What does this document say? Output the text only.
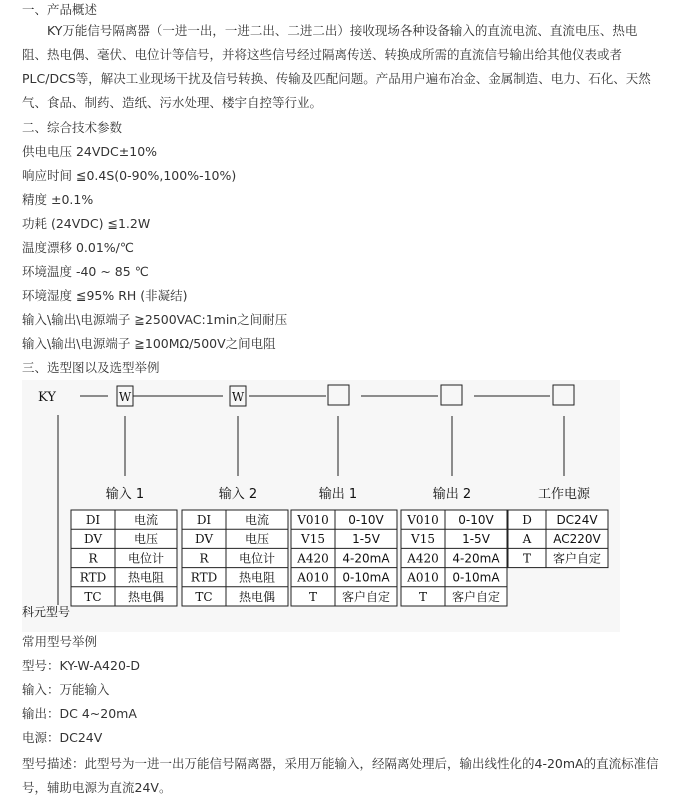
一、产品概述
KY万能信号隔离器（一进一出，一进二出、二进二出）接收现场各种设备输入的直流电流、直流电压、热电阻、热电偶、毫伏、电位计等信号，并将这些信号经过隔离传送、转换成所需的直流信号输出给其他仪表或者PLC/DCS等，解决工业现场干扰及信号转换、传输及匹配问题。产品用户遍布冶金、金属制造、电力、石化、天然气、食品、制药、造纸、污水处理、楼宇自控等行业。
二、综合技术参数
供电电压 24VDC±10%
响应时间 ≦0.4S(0-90%,100%-10%)
精度 ±0.1%
功耗 (24VDC) ≦1.2W
温度漂移 0.01%/℃
环境温度 -40 ~ 85 ℃
环境湿度 ≦95% RH (非凝结)
输入\输出\电源端子 ≧2500VAC:1min之间耐压
输入\输出\电源端子 ≧100MΩ/500V之间电阻
三、选型图以及选型举例
KY	W	W
科元型号
输入 1
DI	电流
DV	电压
R	电位计
RTD 热电阻
TC 热电偶
输入 2
DI	电流
DV	电压
R	电位计
RTD 热电阻
TC 热电偶
输出 1
V010 0-10V
V15 1-5V
A420 4-20mA
A010 0-10mA
T 客户自定
输出 2
V010 0-10V
V15 1-5V
A420 4-20mA
A010 0-10mA
T 客户自定
工作电源
D DC24V
A AC220V
T 客户自定
常用型号举例
型号：KY-W-A420-D
输入：万能输入
输出：DC 4~20mA
电源：DC24V
型号描述：此型号为一进一出万能信号隔离器，采用万能输入，经隔离处理后，输出线性化的4-20mA的直流标准信号，辅助电源为直流24V。
